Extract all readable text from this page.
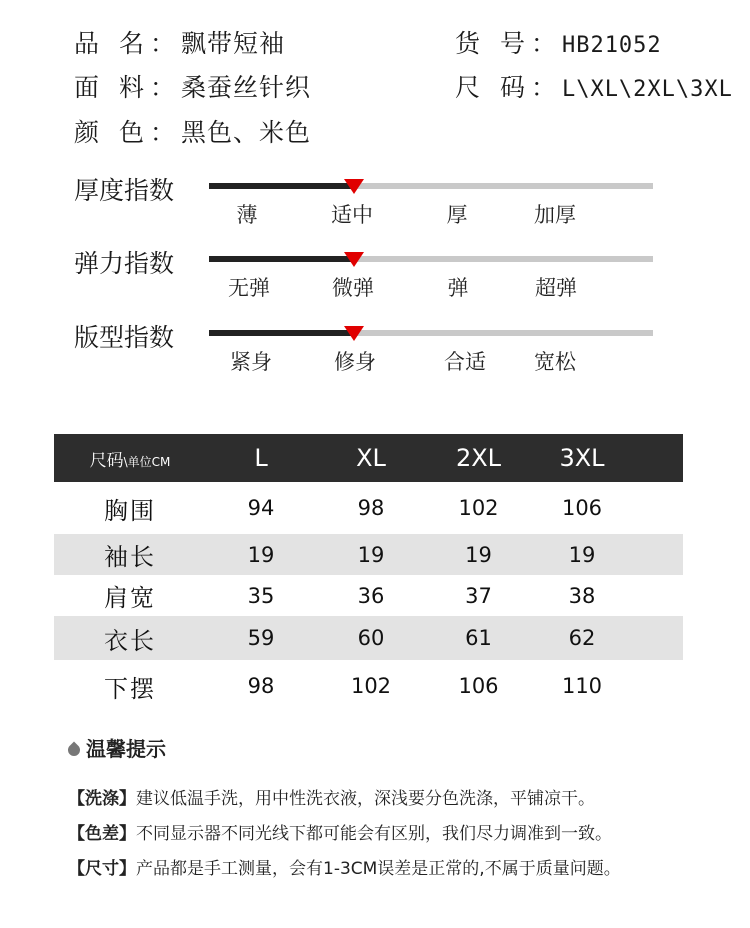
品 名：飘带短袖	货 号：HB21052
面 料：桑蚕丝针织	尺 码：L\XL\2XL\3XL
颜 色：黑色、米色
厚度指数
薄	适中	厚	加厚
弹力指数
无弹	微弹	弹	超弹
版型指数
紧身	修身	合适 宽松
尺码\单位CM	L	XL	2XL	3XL	
胸围	94	98	102	106	
袖长	19	19	19	19	
肩宽	35	36	37	38	
衣长	59	60	61	62	
下摆	98	102	106	110	
温馨提示
【洗涤】建议低温手洗，用中性洗衣液，深浅要分色洗涤，平铺凉干。
【色差】不同显示器不同光线下都可能会有区别，我们尽力调准到一致。
【尺寸】产品都是手工测量，会有1-3CM误差是正常的,不属于质量问题。
